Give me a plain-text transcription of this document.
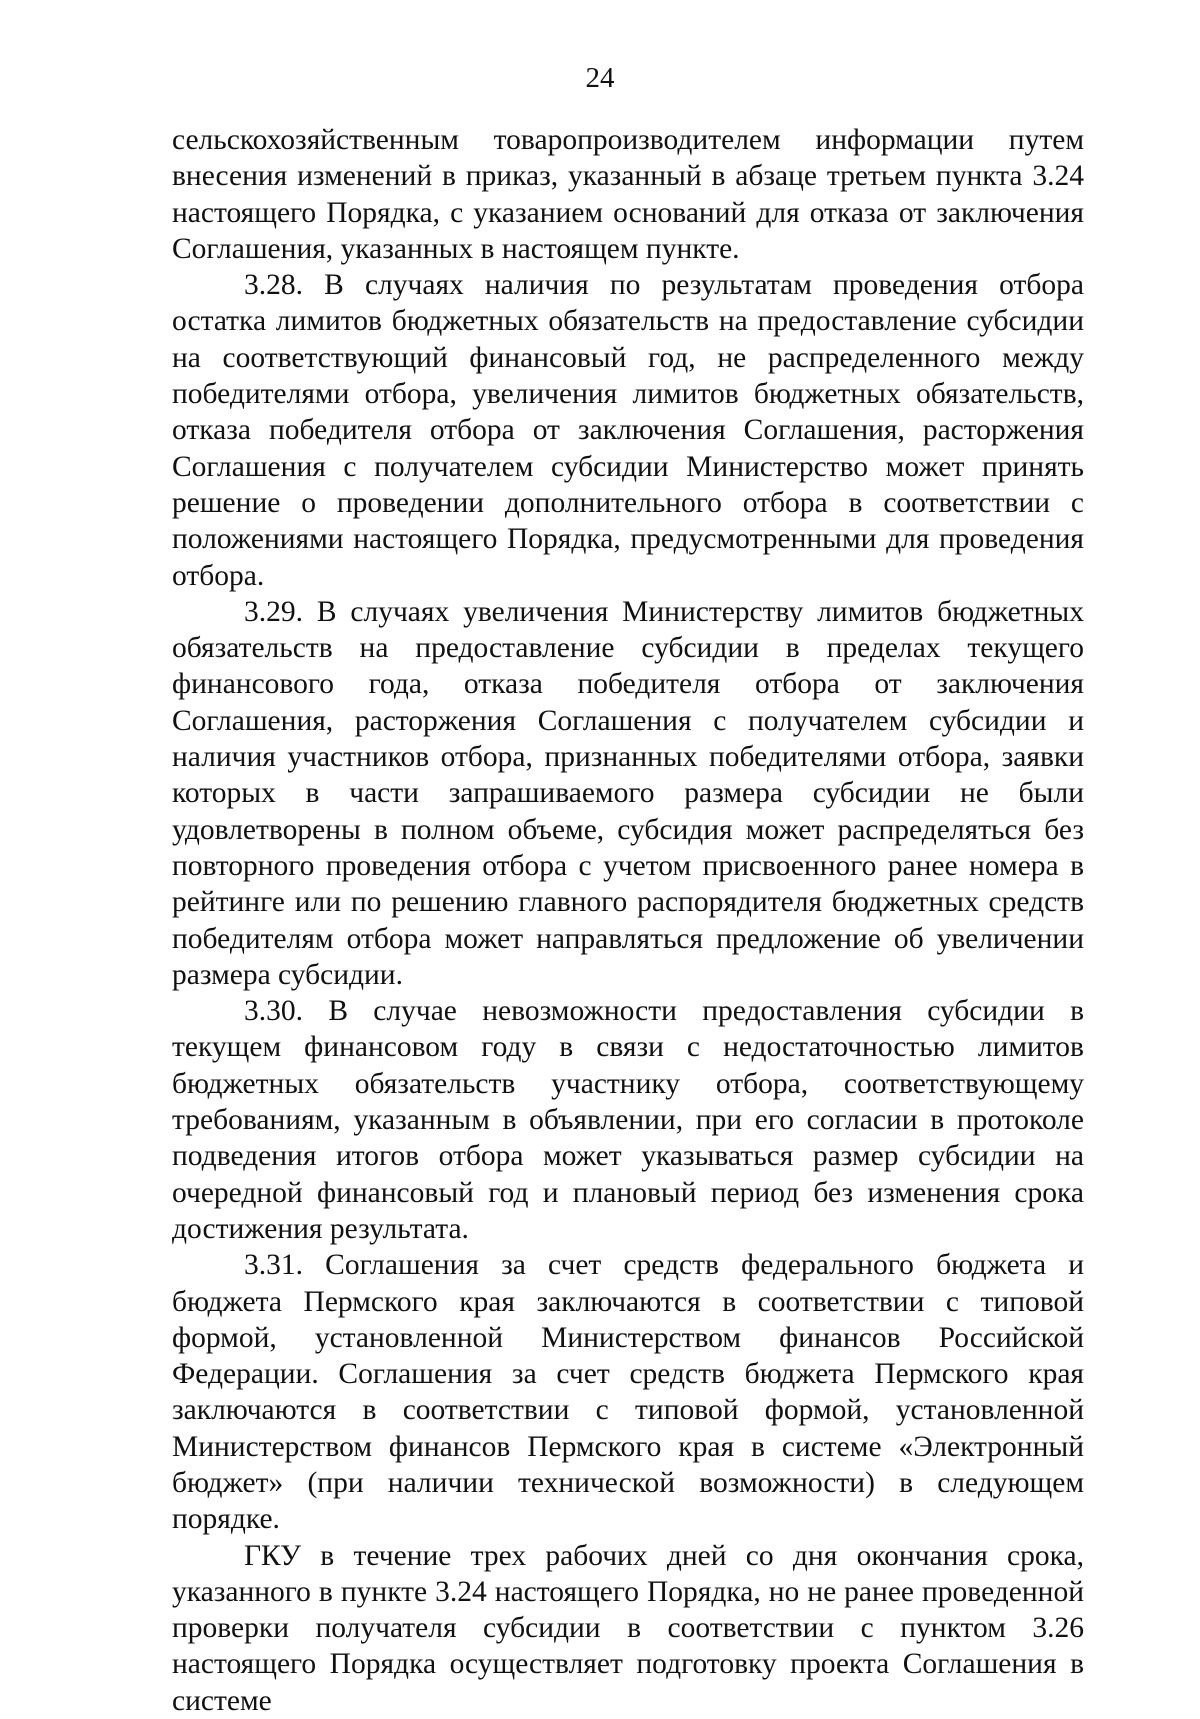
24

сельскохозяйственным товаропроизводителем информации путем внесения изменений в приказ, указанный в абзаце третьем пункта 3.24 настоящего Порядка, с указанием оснований для отказа от заключения Соглашения, указанных в настоящем пункте.

3.28. В случаях наличия по результатам проведения отбора остатка лимитов бюджетных обязательств на предоставление субсидии на соответствующий финансовый год, не распределенного между победителями отбора, увеличения лимитов бюджетных обязательств, отказа победителя отбора от заключения Соглашения, расторжения Соглашения с получателем субсидии Министерство может принять решение о проведении дополнительного отбора в соответствии с положениями настоящего Порядка, предусмотренными для проведения отбора.

3.29. В случаях увеличения Министерству лимитов бюджетных обязательств на предоставление субсидии в пределах текущего финансового года, отказа победителя отбора от заключения Соглашения, расторжения Соглашения с получателем субсидии и наличия участников отбора, признанных победителями отбора, заявки которых в части запрашиваемого размера субсидии не были удовлетворены в полном объеме, субсидия может распределяться без повторного проведения отбора с учетом присвоенного ранее номера в рейтинге или по решению главного распорядителя бюджетных средств победителям отбора может направляться предложение об увеличении размера субсидии.

3.30. В случае невозможности предоставления субсидии в текущем финансовом году в связи с недостаточностью лимитов бюджетных обязательств участнику отбора, соответствующему требованиям, указанным в объявлении, при его согласии в протоколе подведения итогов отбора может указываться размер субсидии на очередной финансовый год и плановый период без изменения срока достижения результата.

3.31. Соглашения за счет средств федерального бюджета и бюджета Пермского края заключаются в соответствии с типовой формой, установленной Министерством финансов Российской Федерации. Соглашения за счет средств бюджета Пермского края заключаются в соответствии с типовой формой, установленной Министерством финансов Пермского края в системе «Электронный бюджет» (при наличии технической возможности) в следующем порядке.

ГКУ в течение трех рабочих дней со дня окончания срока, указанного в пункте 3.24 настоящего Порядка, но не ранее проведенной проверки получателя субсидии в соответствии с пунктом 3.26 настоящего Порядка осуществляет подготовку проекта Соглашения в системе
